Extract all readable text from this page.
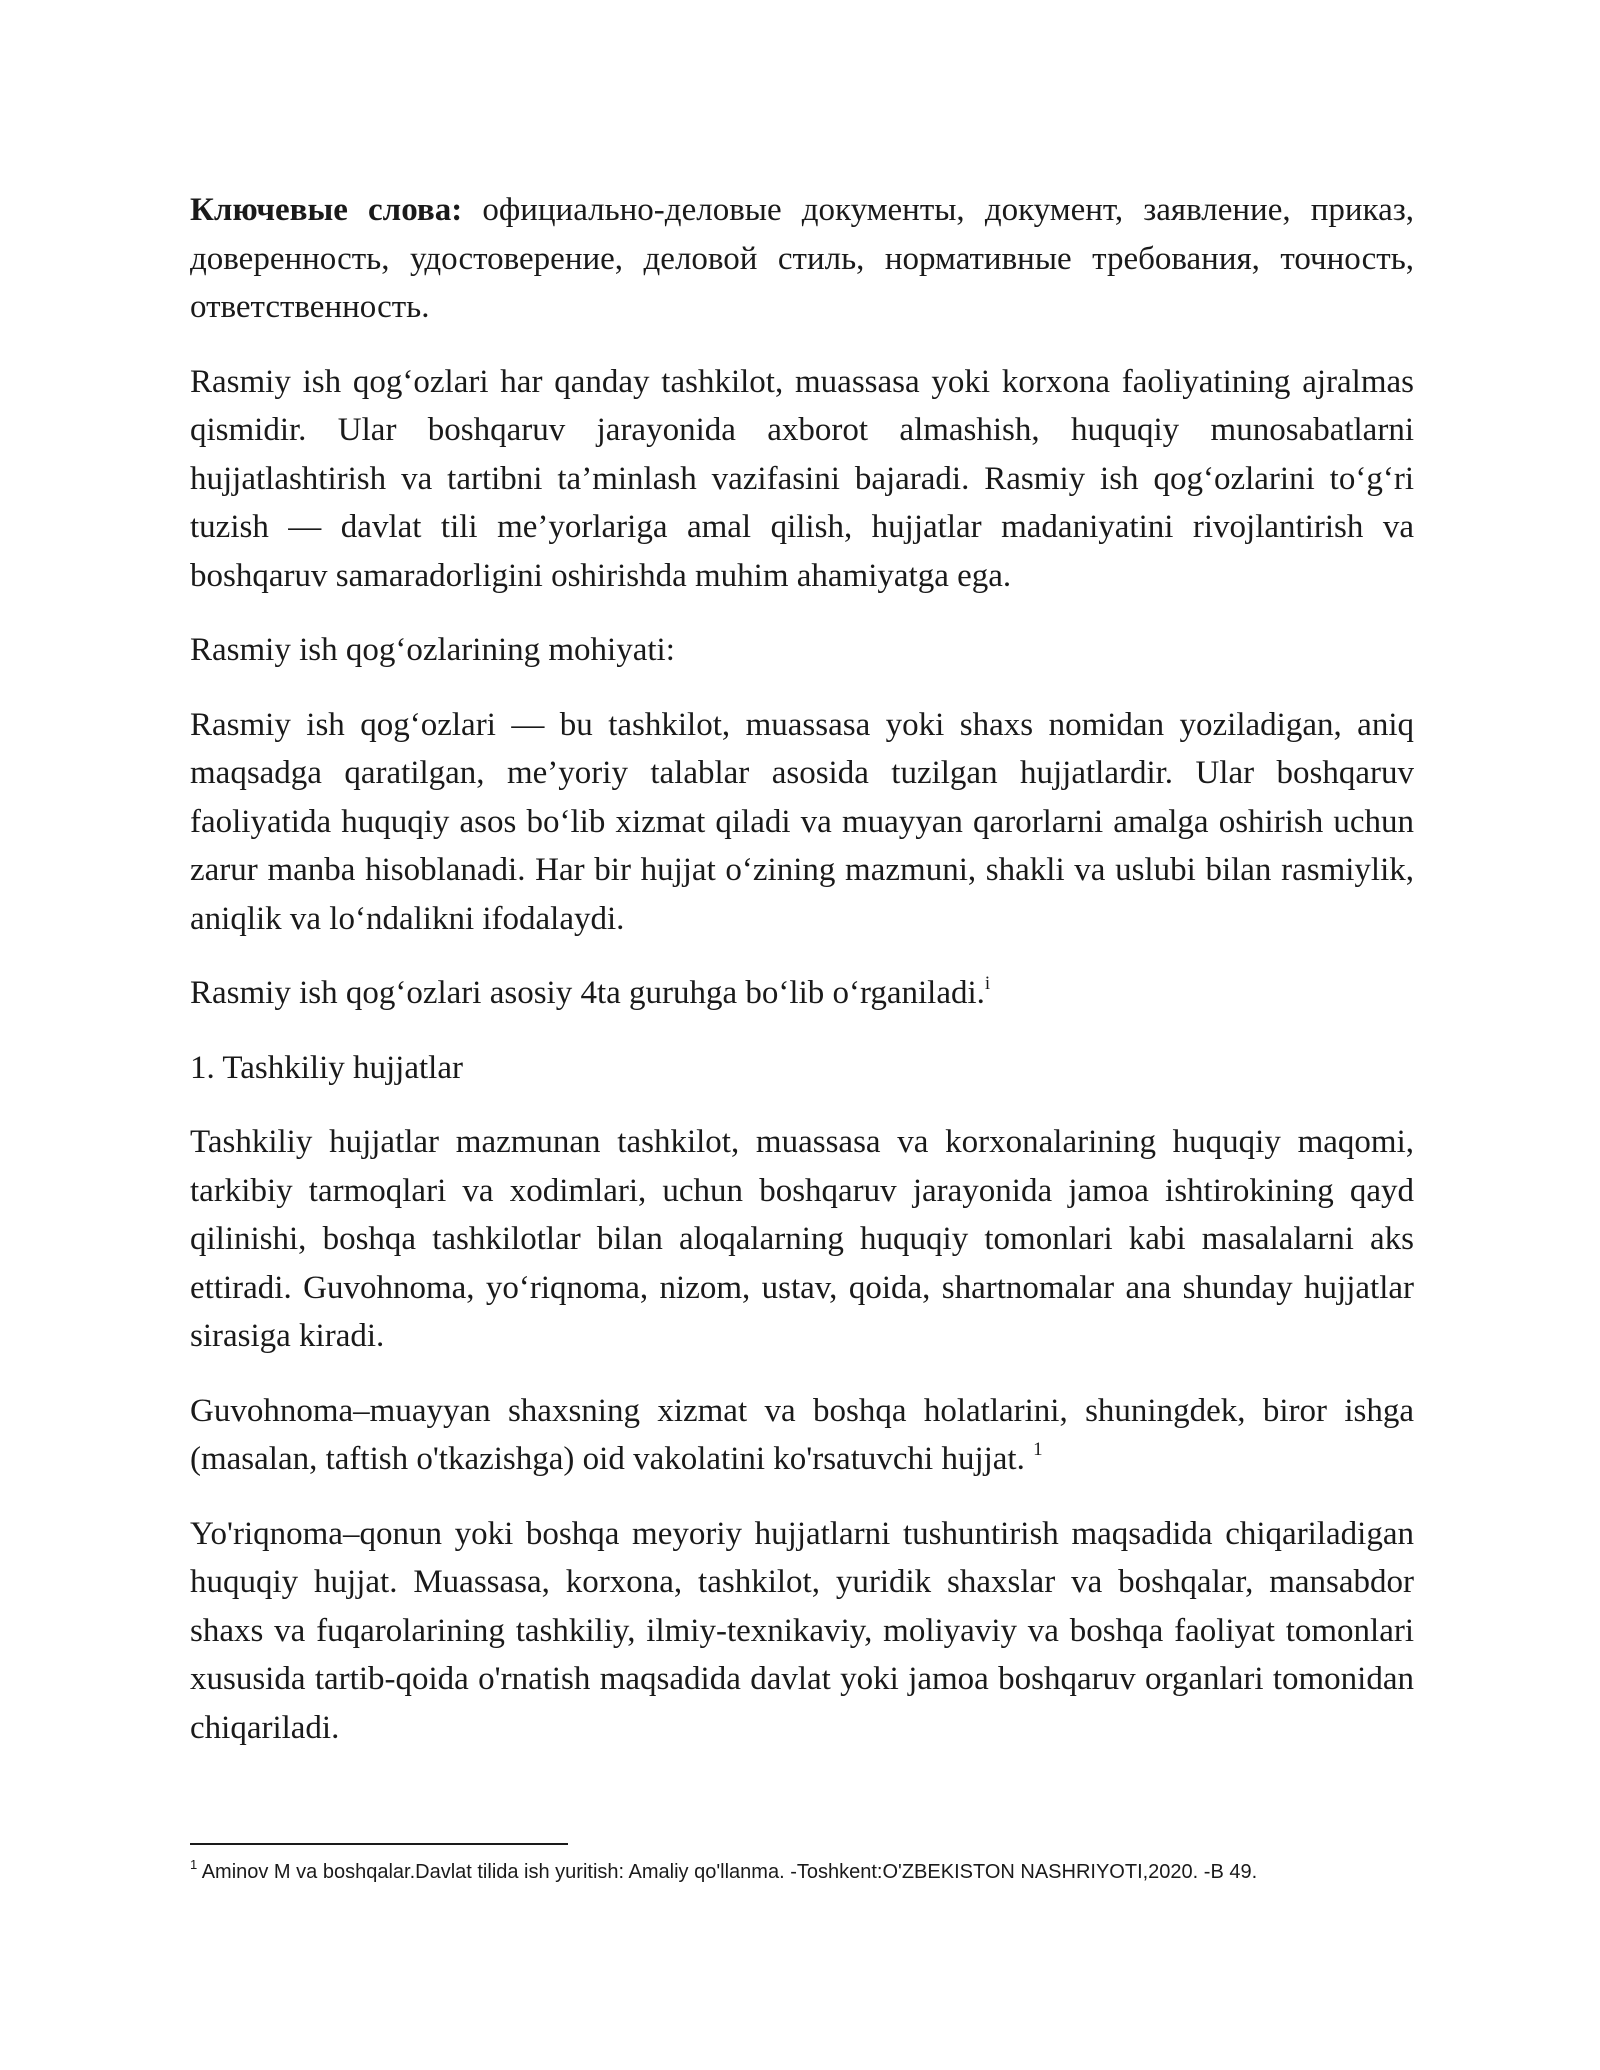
Ключевые слова: официально-деловые документы, документ, заявление, приказ, доверенность, удостоверение, деловой стиль, нормативные требования, точность, ответственность.

Rasmiy ish qog‘ozlari har qanday tashkilot, muassasa yoki korxona faoliyatining ajralmas qismidir. Ular boshqaruv jarayonida axborot almashish, huquqiy munosabatlarni hujjatlashtirish va tartibni ta’minlash vazifasini bajaradi. Rasmiy ish qog‘ozlarini to‘g‘ri tuzish — davlat tili me’yorlariga amal qilish, hujjatlar madaniyatini rivojlantirish va boshqaruv samaradorligini oshirishda muhim ahamiyatga ega.

Rasmiy ish qog‘ozlarining mohiyati:

Rasmiy ish qog‘ozlari — bu tashkilot, muassasa yoki shaxs nomidan yoziladigan, aniq maqsadga qaratilgan, me’yoriy talablar asosida tuzilgan hujjatlardir. Ular boshqaruv faoliyatida huquqiy asos bo‘lib xizmat qiladi va muayyan qarorlarni amalga oshirish uchun zarur manba hisoblanadi. Har bir hujjat o‘zining mazmuni, shakli va uslubi bilan rasmiylik, aniqlik va lo‘ndalikni ifodalaydi.

Rasmiy ish qog‘ozlari asosiy 4ta guruhga bo‘lib o‘rganiladi.$^i$

1. Tashkiliy hujjatlar

Tashkiliy hujjatlar mazmunan tashkilot, muassasa va korxonalarining huquqiy maqomi, tarkibiy tarmoqlari va xodimlari, uchun boshqaruv jarayonida jamoa ishtirokining qayd qilinishi, boshqa tashkilotlar bilan aloqalarning huquqiy tomonlari kabi masalalarni aks ettiradi. Guvohnoma, yo‘riqnoma, nizom, ustav, qoida, shartnomalar ana shunday hujjatlar sirasiga kiradi.

Guvohnoma–muayyan shaxsning xizmat va boshqa holatlarini, shuningdek, biror ishga (masalan, taftish o'tkazishga) oid vakolatini ko'rsatuvchi hujjat. $^1$

Yo'riqnoma–qonun yoki boshqa meyoriy hujjatlarni tushuntirish maqsadida chiqariladigan huquqiy hujjat. Muassasa, korxona, tashkilot, yuridik shaxslar va boshqalar, mansabdor shaxs va fuqarolarining tashkiliy, ilmiy-texnikaviy, moliyaviy va boshqa faoliyat tomonlari xususida tartib-qoida o'rnatish maqsadida davlat yoki jamoa boshqaruv organlari tomonidan chiqariladi.

$^1$ Aminov M va boshqalar.Davlat tilida ish yuritish: Amaliy qo'llanma. -Toshkent:O'ZBEKISTON NASHRIYOTI,2020. -B 49.
